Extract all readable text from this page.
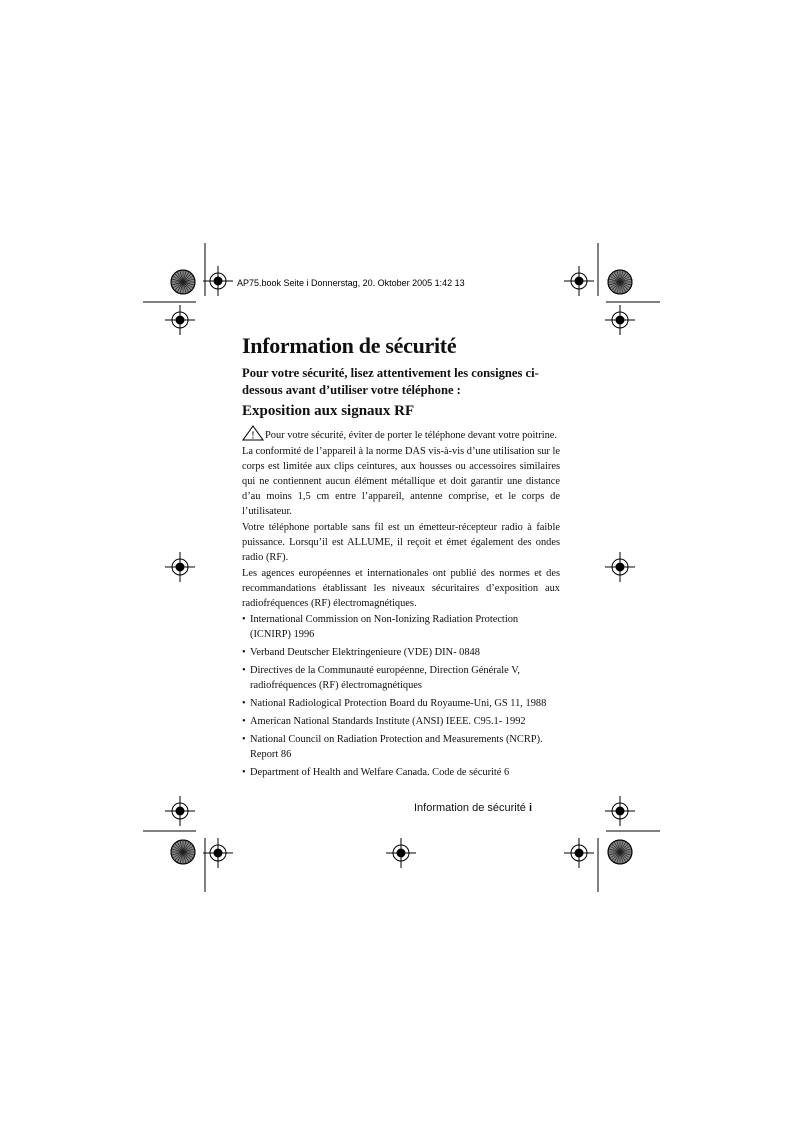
AP75.book Seite i Donnerstag, 20. Oktober 2005 1:42 13
Information de sécurité

Pour votre sécurité, lisez attentivement les consignes ci-dessous avant d’utiliser votre téléphone :

Exposition aux signaux RF

! Pour votre sécurité, éviter de porter le téléphone devant votre poitrine.

La conformité de l’appareil à la norme DAS vis-à-vis d’une utilisation sur le corps est limitée aux clips ceintures, aux housses ou accessoires similaires qui ne contiennent aucun élément métallique et doit garantir une distance d’au moins 1,5 cm entre l’appareil, antenne comprise, et le corps de l’utilisateur.

Votre téléphone portable sans fil est un émetteur-récepteur radio à faible puissance. Lorsqu’il est ALLUME, il reçoit et émet également des ondes radio (RF).

Les agences européennes et internationales ont publié des normes et des recommandations établissant les niveaux sécuritaires d’exposition aux radiofréquences (RF) électromagnétiques.

• International Commission on Non-Ionizing Radiation Protection (ICNIRP) 1996
• Verband Deutscher Elektringenieure (VDE) DIN- 0848
• Directives de la Communauté européenne, Direction Générale V, radiofréquences (RF) électromagnétiques
• National Radiological Protection Board du Royaume-Uni, GS 11, 1988
• American National Standards Institute (ANSI) IEEE. C95.1- 1992
• National Council on Radiation Protection and Measurements (NCRP). Report 86
• Department of Health and Welfare Canada. Code de sécurité 6
Information de sécurité i
